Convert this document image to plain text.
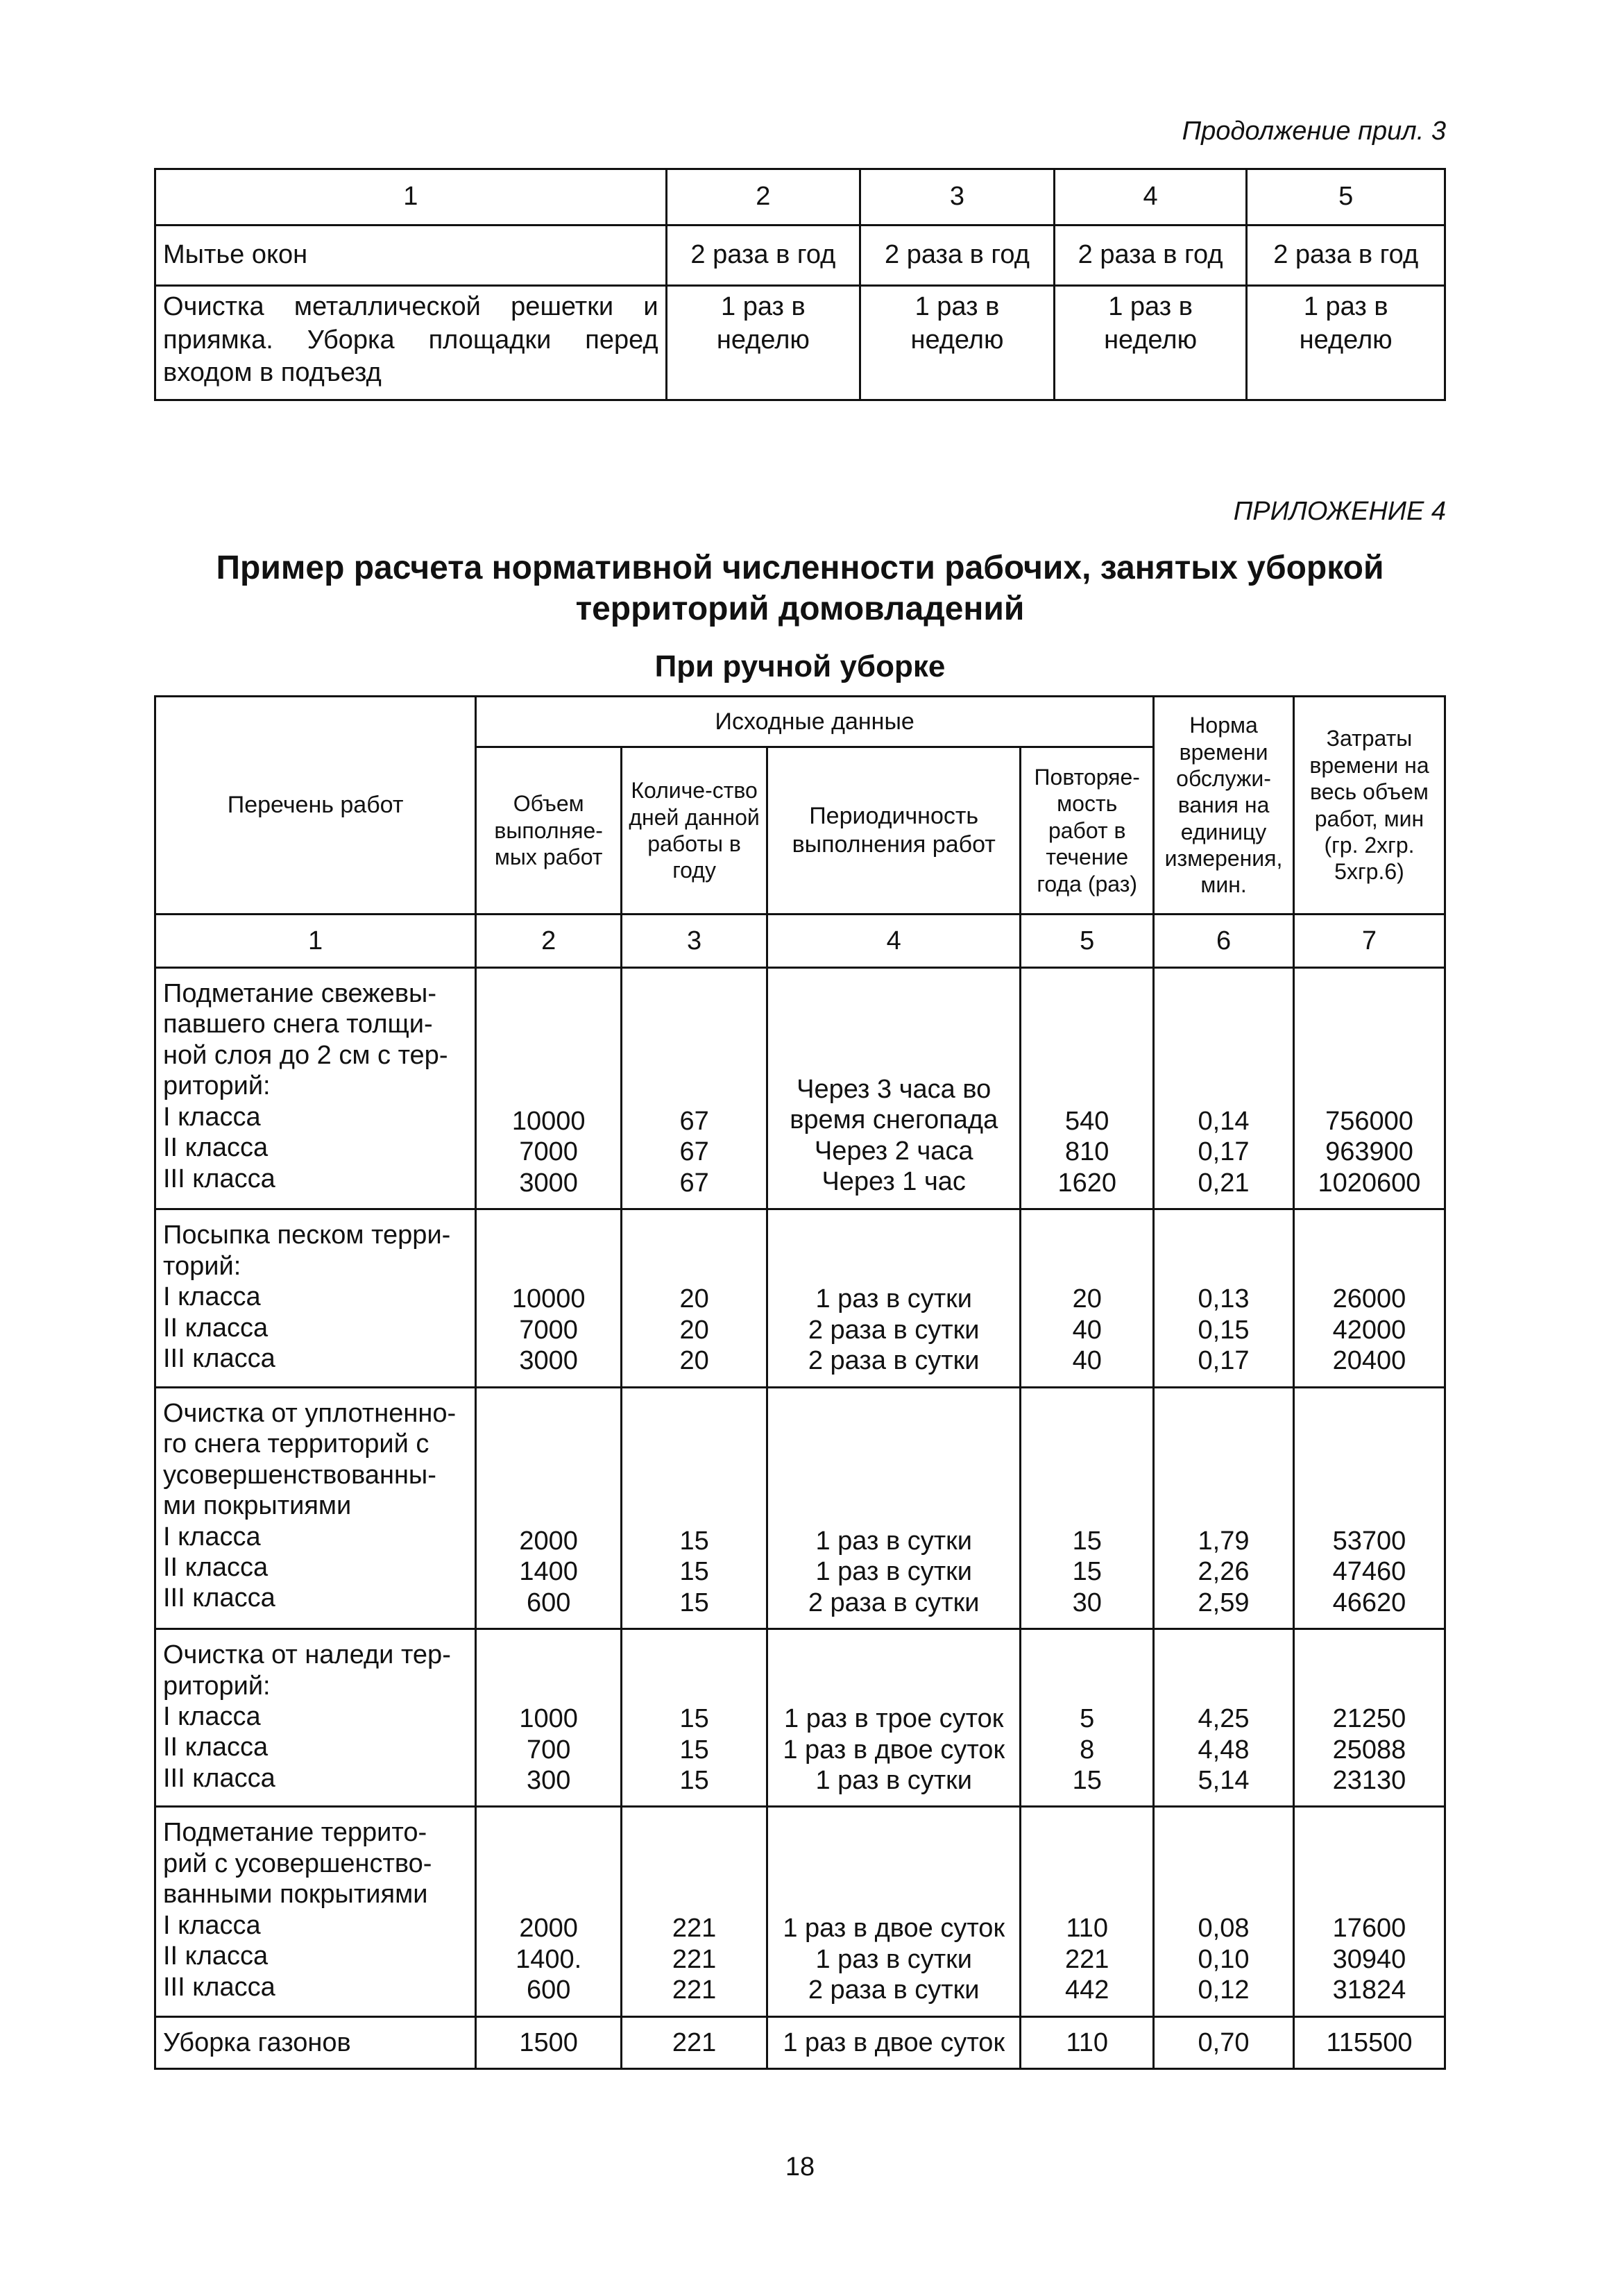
Продолжение прил. 3
1	2	3	4	5
Мытье окон	2 раза в год	2 раза в год	2 раза в год	2 раза в год
Очистка металлической решетки и приямка. Уборка площадки перед входом в подъезд	1 раз в неделю	1 раз в неделю	1 раз в неделю	1 раз в неделю
ПРИЛОЖЕНИЕ 4
Пример расчета нормативной численности рабочих, занятых уборкой
территорий домовладений
При ручной уборке
Перечень работ	Исходные данные				Норма времени обслужи-вания на единицу измерения, мин.	Затраты времени на весь объем работ, мин (гр. 2хгр. 5хгр.6)
	Объем выполняе-мых работ	Количе-ство дней данной работы в году	Периодичность выполнения работ	Повторяе-мость работ в течение года (раз)		
1	2	3	4	5	6	7

Подметание свежевы-павшего снега толщи-ной слоя до 2 см с тер-риторий:
I класса
II класса
III класса	10000
7000
3000	67
67
67	Через 3 часа во время снегопада
Через 2 часа
Через 1 час	540
810
1620	0,14
0,17
0,21	756000
963900
1020600

Посыпка песком терри-торий:
I класса
II класса
III класса	10000
7000
3000	20
20
20	1 раз в сутки
2 раза в сутки
2 раза в сутки	20
40
40	0,13
0,15
0,17	26000
42000
20400

Очистка от уплотненно-го снега территорий с усовершенствованны-ми покрытиями
I класса
II класса
III класса	2000
1400
600	15
15
15	1 раз в сутки
1 раз в сутки
2 раза в сутки	15
15
30	1,79
2,26
2,59	53700
47460
46620

Очистка от наледи тер-риторий:
I класса
II класса
III класса	1000
700
300	15
15
15	1 раз в трое суток
1 раз в двое суток
1 раз в сутки	5
8
15	4,25
4,48
5,14	21250
25088
23130

Подметание террито-рий с усовершенство-ванными покрытиями
I класса
II класса
III класса	2000
1400.
600	221
221
221	1 раз в двое суток
1 раз в сутки
2 раза в сутки	110
221
442	0,08
0,10
0,12	17600
30940
31824

Уборка газонов	1500	221	1 раз в двое суток	110	0,70	115500
18
